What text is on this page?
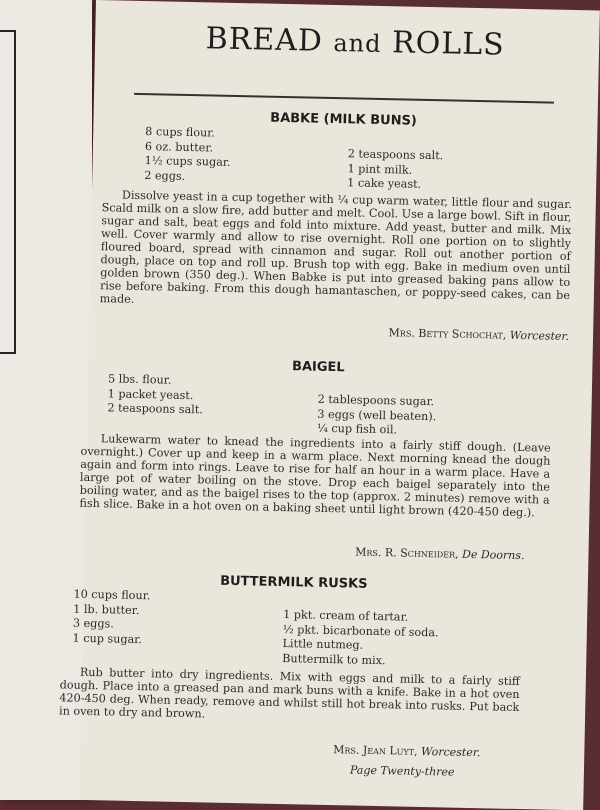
BREAD and ROLLS
BABKE (MILK BUNS)
8 cups flour.
6 oz. butter.
1½ cups sugar.
2 eggs.
2 teaspoons salt.
1 pint milk.
1 cake yeast.
Dissolve yeast in a cup together with ¼ cup warm water, little flour and sugar. Scald milk on a slow fire, add butter and melt. Cool. Use a large bowl. Sift in flour, sugar and salt, beat eggs and fold into mixture. Add yeast, butter and milk. Mix well. Cover warmly and allow to rise overnight. Roll one portion on to slightly floured board, spread with cinnamon and sugar. Roll out another portion of dough, place on top and roll up. Brush top with egg. Bake in medium oven until golden brown (350 deg.). When Babke is put into greased baking pans allow to rise before baking. From this dough hamantaschen, or poppy-seed cakes, can be made.
Mrs. Betty Schochat, Worcester.
BAIGEL
5 lbs. flour.
1 packet yeast.
2 teaspoons salt.
2 tablespoons sugar.
3 eggs (well beaten).
¼ cup fish oil.
Lukewarm water to knead the ingredients into a fairly stiff dough. (Leave overnight.) Cover up and keep in a warm place. Next morning knead the dough again and form into rings. Leave to rise for half an hour in a warm place. Have a large pot of water boiling on the stove. Drop each baigel separately into the boiling water, and as the baigel rises to the top (approx. 2 minutes) remove with a fish slice. Bake in a hot oven on a baking sheet until light brown (420-450 deg.).
Mrs. R. Schneider, De Doorns.
BUTTERMILK RUSKS
10 cups flour.
1 lb. butter.
3 eggs.
1 cup sugar.
1 pkt. cream of tartar.
½ pkt. bicarbonate of soda.
Little nutmeg.
Buttermilk to mix.
Rub butter into dry ingredients. Mix with eggs and milk to a fairly stiff dough. Place into a greased pan and mark buns with a knife. Bake in a hot oven 420-450 deg. When ready, remove and whilst still hot break into rusks. Put back in oven to dry and brown.
Mrs. Jean Luyt, Worcester.
Page Twenty-three
